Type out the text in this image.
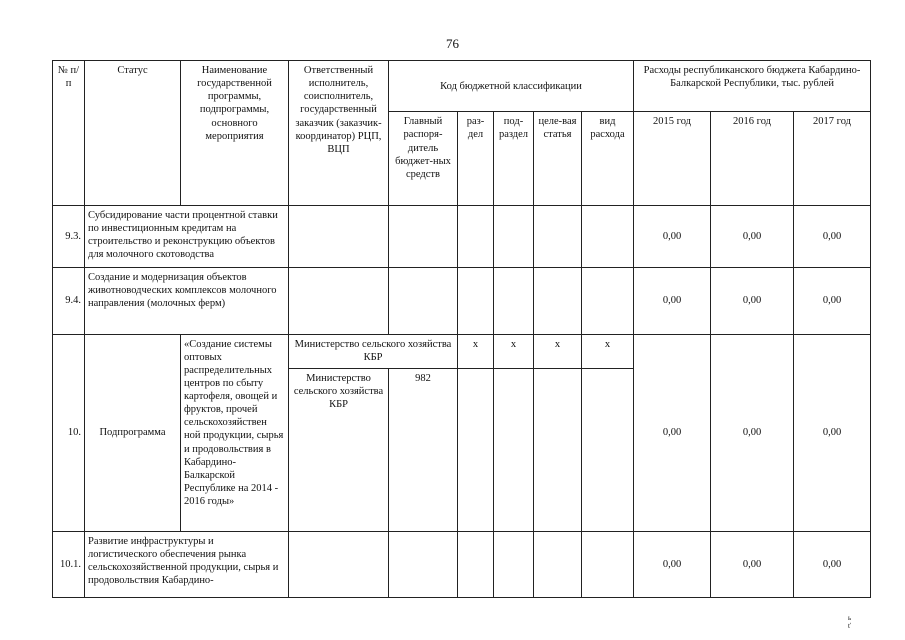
76
№ п/п	Статус	Наименование государственной программы, подпрограммы, основного мероприятия	Ответственный исполнитель, соисполнитель, государственный заказчик (заказчик-координатор) РЦП, ВЦП	Код бюджетной классификации					Расходы республиканского бюджета Кабардино-Балкарской Республики, тыс. рублей		
				Главный распоря-дитель бюджет-ных средств	раз-дел	под-раздел	целе-вая статья	вид расхода	2015 год	2016 год	2017 год
9.3.	Субсидирование части процентной ставки по инвестиционным кредитам на строительство и реконструкцию объектов для молочного скотоводства								0,00	0,00	0,00
9.4.	Создание и модернизация объектов животноводческих комплексов молочного направления (молочных ферм)								0,00	0,00	0,00
10.	Подпрограмма	«Создание системы оптовых распределительных центров по сбыту картофеля, овощей и фруктов, прочей сельскохозяйствен ной продукции, сырья и продовольствия в Кабардино-Балкарской Республике на 2014 - 2016 годы»	Министерство сельского хозяйства КБР		x	x	x	x	0,00	0,00	0,00
			Министерство сельского хозяйства КБР	982							
10.1.	Развитие инфраструктуры и логистического обеспечения рынка сельскохозяйственной продукции, сырья и продовольствия Кабардино-								0,00	0,00	0,00
ь ť
